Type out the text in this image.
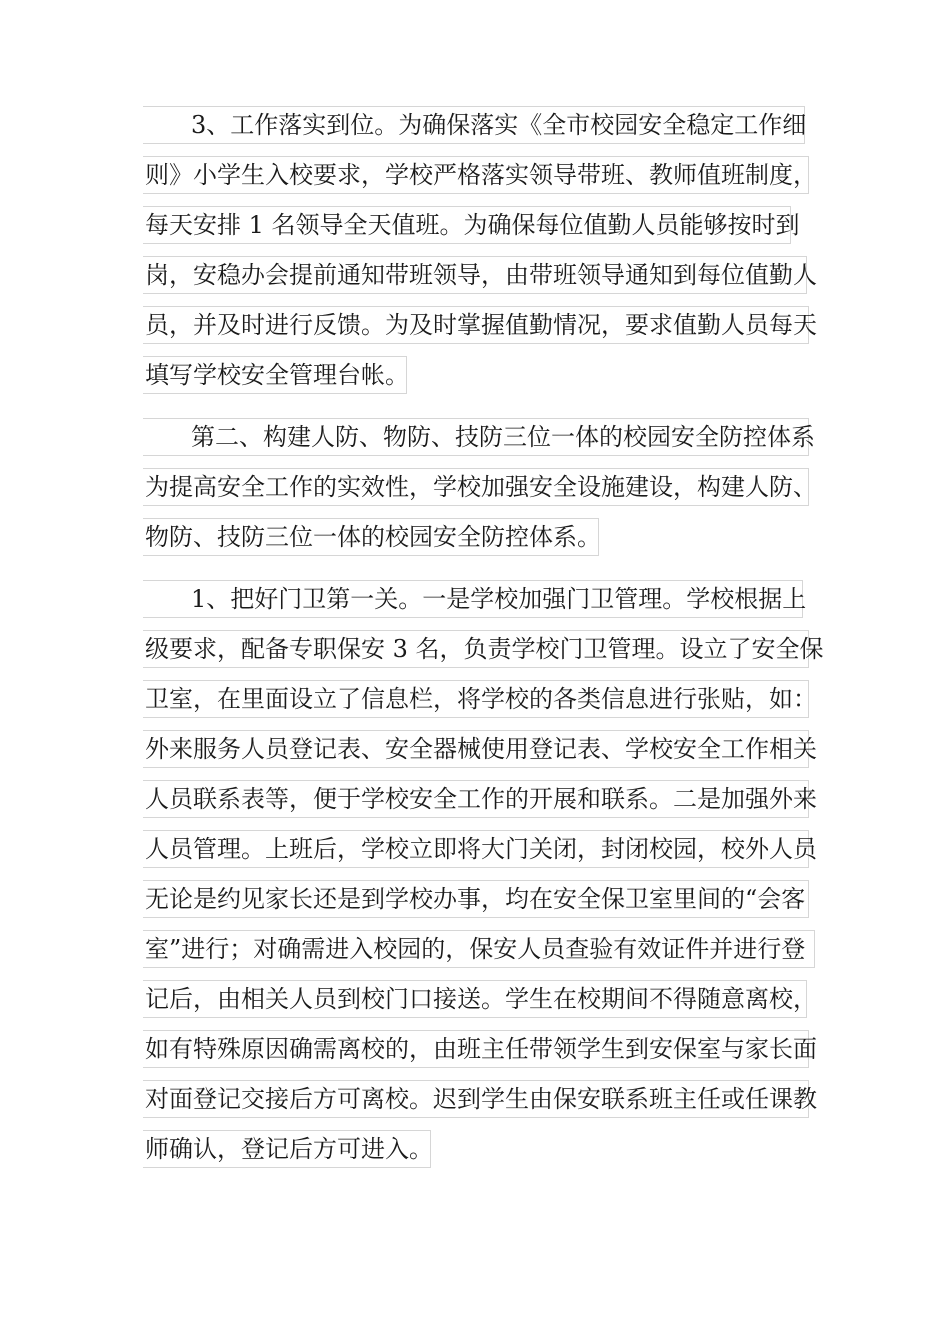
3、工作落实到位。为确保落实《全市校园安全稳定工作细
则》小学生入校要求，学校严格落实领导带班、教师值班制度，
每天安排 1 名领导全天值班。为确保每位值勤人员能够按时到
岗，安稳办会提前通知带班领导，由带班领导通知到每位值勤人
员，并及时进行反馈。为及时掌握值勤情况，要求值勤人员每天
填写学校安全管理台帐。
第二、构建人防、物防、技防三位一体的校园安全防控体系
为提高安全工作的实效性，学校加强安全设施建设，构建人防、
物防、技防三位一体的校园安全防控体系。
1、把好门卫第一关。一是学校加强门卫管理。学校根据上
级要求，配备专职保安 3 名，负责学校门卫管理。设立了安全保
卫室，在里面设立了信息栏，将学校的各类信息进行张贴，如：
外来服务人员登记表、安全器械使用登记表、学校安全工作相关
人员联系表等，便于学校安全工作的开展和联系。二是加强外来
人员管理。上班后，学校立即将大门关闭，封闭校园，校外人员
无论是约见家长还是到学校办事，均在安全保卫室里间的“会客
室”进行；对确需进入校园的，保安人员查验有效证件并进行登
记后，由相关人员到校门口接送。学生在校期间不得随意离校，
如有特殊原因确需离校的，由班主任带领学生到安保室与家长面
对面登记交接后方可离校。迟到学生由保安联系班主任或任课教
师确认，登记后方可进入。
